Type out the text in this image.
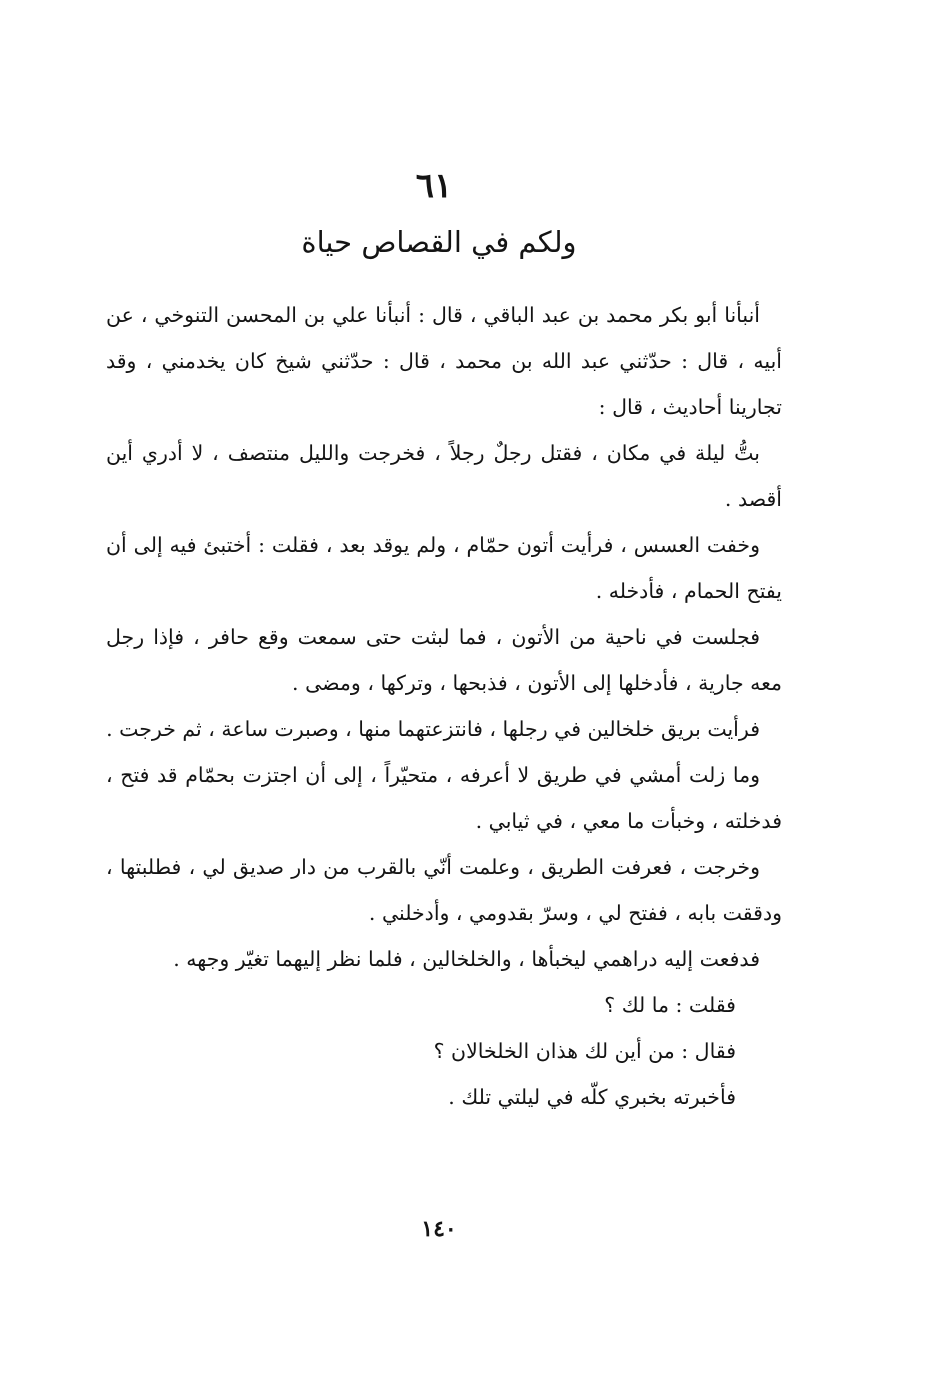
٦١
ولكم في القصاص حياة

أنبأنا أبو بكر محمد بن عبد الباقي ، قال : أنبأنا علي بن المحسن التنوخي ، عن أبيه ، قال : حدّثني عبد الله بن محمد ، قال : حدّثني شيخ كان يخدمني ، وقد تجارينا أحاديث ، قال :

بتُّ ليلة في مكان ، فقتل رجلٌ رجلاً ، فخرجت والليل منتصف ، لا أدري أين أقصد .

وخفت العسس ، فرأيت أتون حمّام ، ولم يوقد بعد ، فقلت : أختبئ فيه إلى أن يفتح الحمام ، فأدخله .

فجلست في ناحية من الأتون ، فما لبثت حتى سمعت وقع حافر ، فإذا رجل معه جارية ، فأدخلها إلى الأتون ، فذبحها ، وتركها ، ومضى .

فرأيت بريق خلخالين في رجلها ، فانتزعتهما منها ، وصبرت ساعة ، ثم خرجت .

وما زلت أمشي في طريق لا أعرفه ، متحيّراً ، إلى أن اجتزت بحمّام قد فتح ، فدخلته ، وخبأت ما معي ، في ثيابي .

وخرجت ، فعرفت الطريق ، وعلمت أنّي بالقرب من دار صديق لي ، فطلبتها ، ودققت بابه ، ففتح لي ، وسرّ بقدومي ، وأدخلني .

فدفعت إليه دراهمي ليخبأها ، والخلخالين ، فلما نظر إليهما تغيّر وجهه .

فقلت : ما لك ؟

فقال : من أين لك هذان الخلخالان ؟

فأخبرته بخبري كلّه في ليلتي تلك .

١٤٠
